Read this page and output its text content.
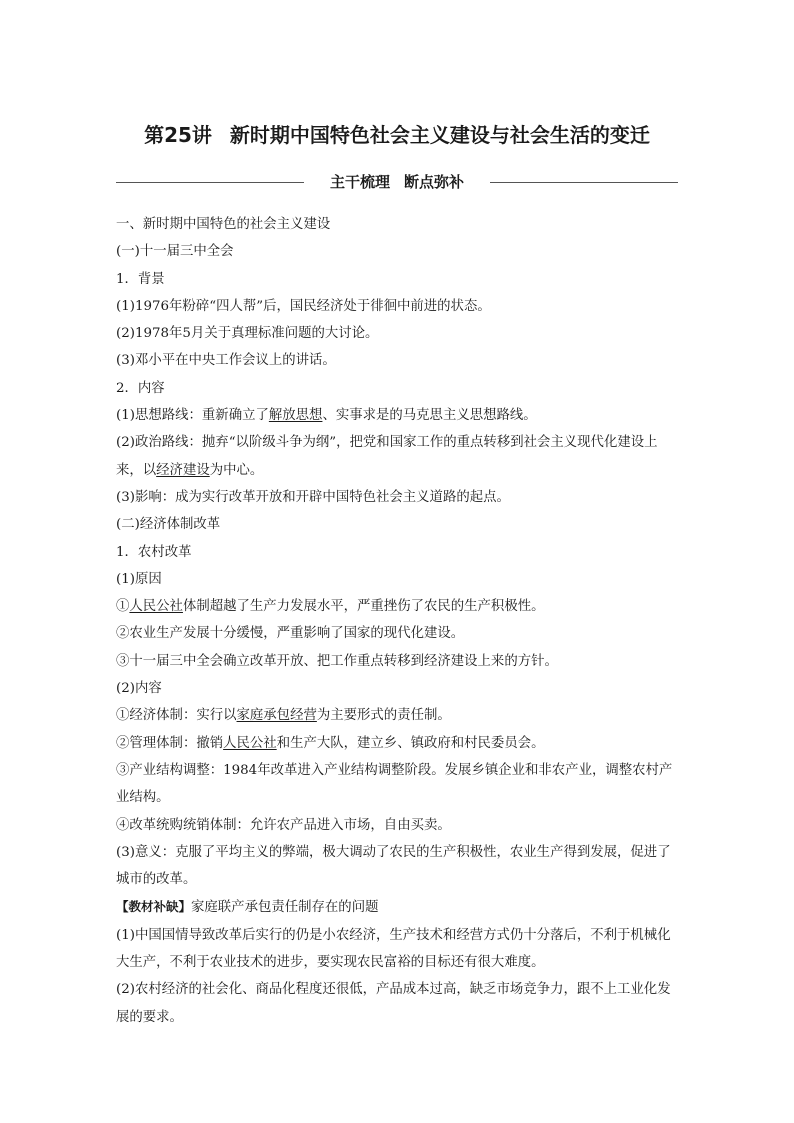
第25讲 新时期中国特色社会主义建设与社会生活的变迁
主干梳理 断点弥补

一、新时期中国特色的社会主义建设

(一)十一届三中全会

1．背景

(1)1976年粉碎“四人帮”后，国民经济处于徘徊中前进的状态。

(2)1978年5月关于真理标准问题的大讨论。

(3)邓小平在中央工作会议上的讲话。

2．内容

(1)思想路线：重新确立了解放思想、实事求是的马克思主义思想路线。

(2)政治路线：抛弃“以阶级斗争为纲”，把党和国家工作的重点转移到社会主义现代化建设上来，以经济建设为中心。

(3)影响：成为实行改革开放和开辟中国特色社会主义道路的起点。

(二)经济体制改革

1．农村改革

(1)原因

①人民公社体制超越了生产力发展水平，严重挫伤了农民的生产积极性。

②农业生产发展十分缓慢，严重影响了国家的现代化建设。

③十一届三中全会确立改革开放、把工作重点转移到经济建设上来的方针。

(2)内容

①经济体制：实行以家庭承包经营为主要形式的责任制。

②管理体制：撤销人民公社和生产大队，建立乡、镇政府和村民委员会。

③产业结构调整：1984年改革进入产业结构调整阶段。发展乡镇企业和非农产业，调整农村产业结构。

④改革统购统销体制：允许农产品进入市场，自由买卖。

(3)意义：克服了平均主义的弊端，极大调动了农民的生产积极性，农业生产得到发展，促进了城市的改革。

【教材补缺】家庭联产承包责任制存在的问题

(1)中国国情导致改革后实行的仍是小农经济，生产技术和经营方式仍十分落后，不利于机械化大生产，不利于农业技术的进步，要实现农民富裕的目标还有很大难度。

(2)农村经济的社会化、商品化程度还很低，产品成本过高，缺乏市场竞争力，跟不上工业化发展的要求。
